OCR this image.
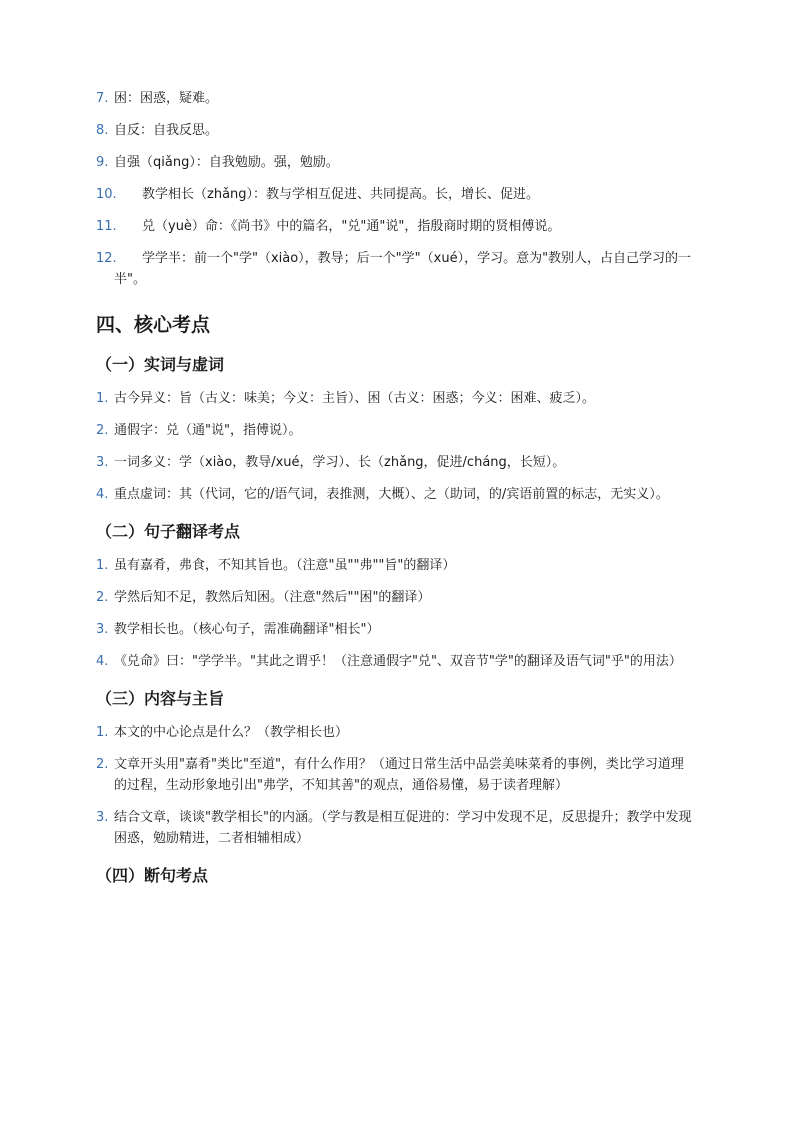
7. 困：困惑，疑难。
8. 自反：自我反思。
9. 自强（qiǎng）：自我勉励。强，勉励。
10. 教学相长（zhǎng）：教与学相互促进、共同提高。长，增长、促进。
11. 兑（yuè）命：《尚书》中的篇名，"兑"通"说"，指殷商时期的贤相傅说。
12. 学学半：前一个"学"（xiào），教导；后一个"学"（xué），学习。意为"教别人，占自己学习的一半"。
四、核心考点
（一）实词与虚词
1. 古今异义：旨（古义：味美；今义：主旨）、困（古义：困惑；今义：困难、疲乏）。
2. 通假字：兑（通"说"，指傅说）。
3. 一词多义：学（xiào，教导/xué，学习）、长（zhǎng，促进/cháng，长短）。
4. 重点虚词：其（代词，它的/语气词，表推测，大概）、之（助词，的/宾语前置的标志，无实义）。
（二）句子翻译考点
1. 虽有嘉肴，弗食，不知其旨也。（注意"虽""弗""旨"的翻译）
2. 学然后知不足，教然后知困。（注意"然后""困"的翻译）
3. 教学相长也。（核心句子，需准确翻译"相长"）
4. 《兑命》曰："学学半。"其此之谓乎！（注意通假字"兑"、双音节"学"的翻译及语气词"乎"的用法）
（三）内容与主旨
1. 本文的中心论点是什么？（教学相长也）
2. 文章开头用"嘉肴"类比"至道"，有什么作用？（通过日常生活中品尝美味菜肴的事例，类比学习道理的过程，生动形象地引出"弗学，不知其善"的观点，通俗易懂，易于读者理解）
3. 结合文章，谈谈"教学相长"的内涵。（学与教是相互促进的：学习中发现不足，反思提升；教学中发现困惑，勉励精进，二者相辅相成）
（四）断句考点
